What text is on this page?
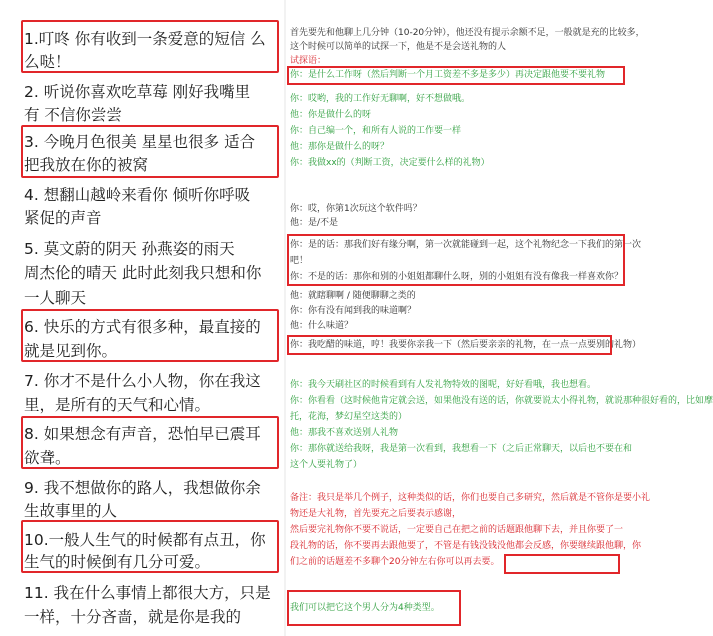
1.叮咚 你有收到一条爱意的短信 么
么哒！
2. 听说你喜欢吃草莓 刚好我嘴里
有 不信你尝尝
3. 今晚月色很美 星星也很多 适合
把我放在你的被窝
4. 想翻山越岭来看你 倾听你呼吸
紧促的声音
5. 莫文蔚的阴天 孙燕姿的雨天
周杰伦的晴天 此时此刻我只想和你
一人聊天
6. 快乐的方式有很多种，最直接的
就是见到你。
7. 你才不是什么小人物，你在我这
里，是所有的天气和心情。
8. 如果想念有声音，恐怕早已震耳
欲聋。
9. 我不想做你的路人，我想做你余
生故事里的人
10.一般人生气的时候都有点丑，你
生气的时候倒有几分可爱。
11. 我在什么事情上都很大方，只是
一样，十分吝啬，就是你是我的
首先要先和他聊上几分钟（10-20分钟），他还没有提示余额不足，一般就是充的比较多，
这个时候可以简单的试探一下，他是不是会送礼物的人
试探语：
你：是什么工作呀（然后判断一个月工资差不多是多少）再决定跟他要不要礼物
你：哎哟，我的工作好无聊啊，好不想做哦。
他：你是做什么的呀
你：自己编一个，和所有人说的工作要一样
他：那你是做什么的呀？
你：我做xx的（判断工资，决定要什么样的礼物）
你：哎，你第1次玩这个软件吗？
他：是/不是
你：是的话：那我们好有缘分啊，第一次就能碰到一起，这个礼物纪念一下我们的第一次
吧！
你：不是的话：那你和别的小姐姐都聊什么呀，别的小姐姐有没有像我一样喜欢你？
他：就瞎聊啊 / 随便聊聊之类的
你：你有没有闻到我的味道啊？
他：什么味道？
你：我吃醋的味道，哼！我要你亲我一下（然后要亲亲的礼物，在一点一点要别的礼物）
你：我今天刷社区的时候看到有人发礼物特效的图呢，好好看哦，我也想看。
你：你看看（这时候他肯定就会送，如果他没有送的话，你就要说太小得礼物，就说那种很好看的，比如摩
托，花海，梦幻星空这类的）
他：那我不喜欢送别人礼物
你：那你就送给我呀，我是第一次看到，我想看一下（之后正常聊天，以后也不要在和
这个人要礼物了）
备注：我只是举几个例子，这种类似的话，你们也要自己多研究，然后就是不管你是要小礼
物还是大礼物，首先要充之后要表示感谢，
然后要完礼物你不要不说话，一定要自己在把之前的话题跟他聊下去，并且你要了一
段礼物的话，你不要再去跟他要了，不管是有钱没钱没他都会反感，你要继续跟他聊，你
们之前的话题差不多聊个20分钟左右你可以再去要。
我们可以把它这个男人分为4种类型。
